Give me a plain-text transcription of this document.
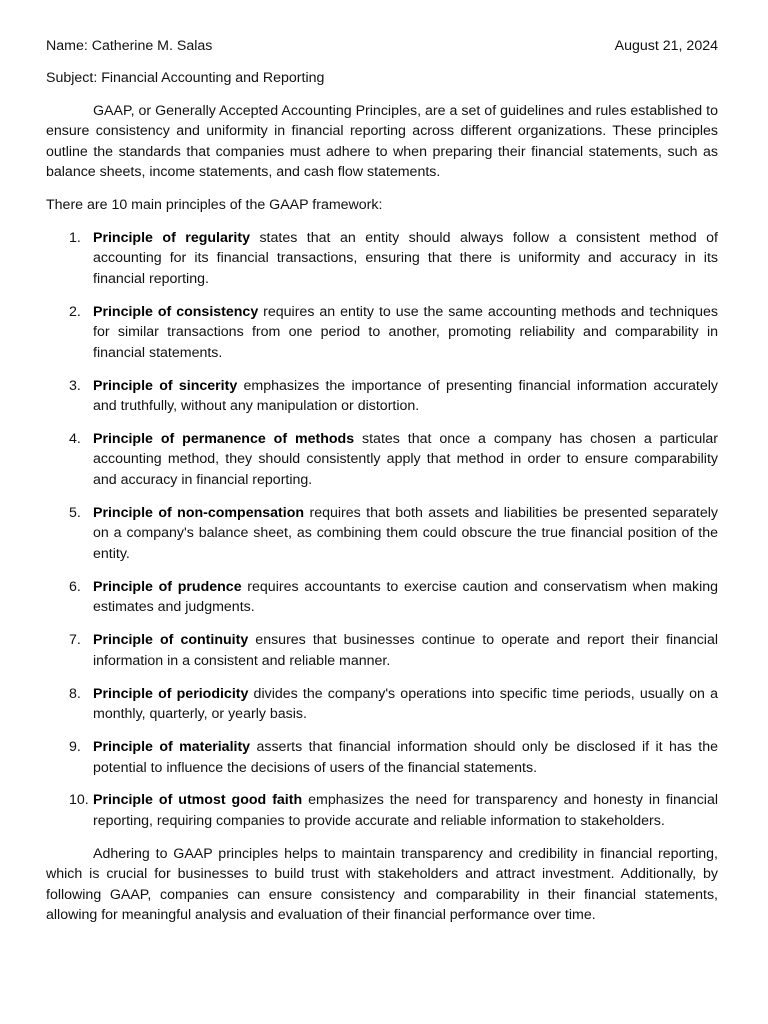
Name: Catherine M. Salas	August 21, 2024
Subject: Financial Accounting and Reporting

GAAP, or Generally Accepted Accounting Principles, are a set of guidelines and rules established to ensure consistency and uniformity in financial reporting across different organizations. These principles outline the standards that companies must adhere to when preparing their financial statements, such as balance sheets, income statements, and cash flow statements.

There are 10 main principles of the GAAP framework:
1. Principle of regularity states that an entity should always follow a consistent method of accounting for its financial transactions, ensuring that there is uniformity and accuracy in its financial reporting.
2. Principle of consistency requires an entity to use the same accounting methods and techniques for similar transactions from one period to another, promoting reliability and comparability in financial statements.
3. Principle of sincerity emphasizes the importance of presenting financial information accurately and truthfully, without any manipulation or distortion.
4. Principle of permanence of methods states that once a company has chosen a particular accounting method, they should consistently apply that method in order to ensure comparability and accuracy in financial reporting.
5. Principle of non-compensation requires that both assets and liabilities be presented separately on a company's balance sheet, as combining them could obscure the true financial position of the entity.
6. Principle of prudence requires accountants to exercise caution and conservatism when making estimates and judgments.
7. Principle of continuity ensures that businesses continue to operate and report their financial information in a consistent and reliable manner.
8. Principle of periodicity divides the company's operations into specific time periods, usually on a monthly, quarterly, or yearly basis.
9. Principle of materiality asserts that financial information should only be disclosed if it has the potential to influence the decisions of users of the financial statements.
10. Principle of utmost good faith emphasizes the need for transparency and honesty in financial reporting, requiring companies to provide accurate and reliable information to stakeholders.

Adhering to GAAP principles helps to maintain transparency and credibility in financial reporting, which is crucial for businesses to build trust with stakeholders and attract investment. Additionally, by following GAAP, companies can ensure consistency and comparability in their financial statements, allowing for meaningful analysis and evaluation of their financial performance over time.
